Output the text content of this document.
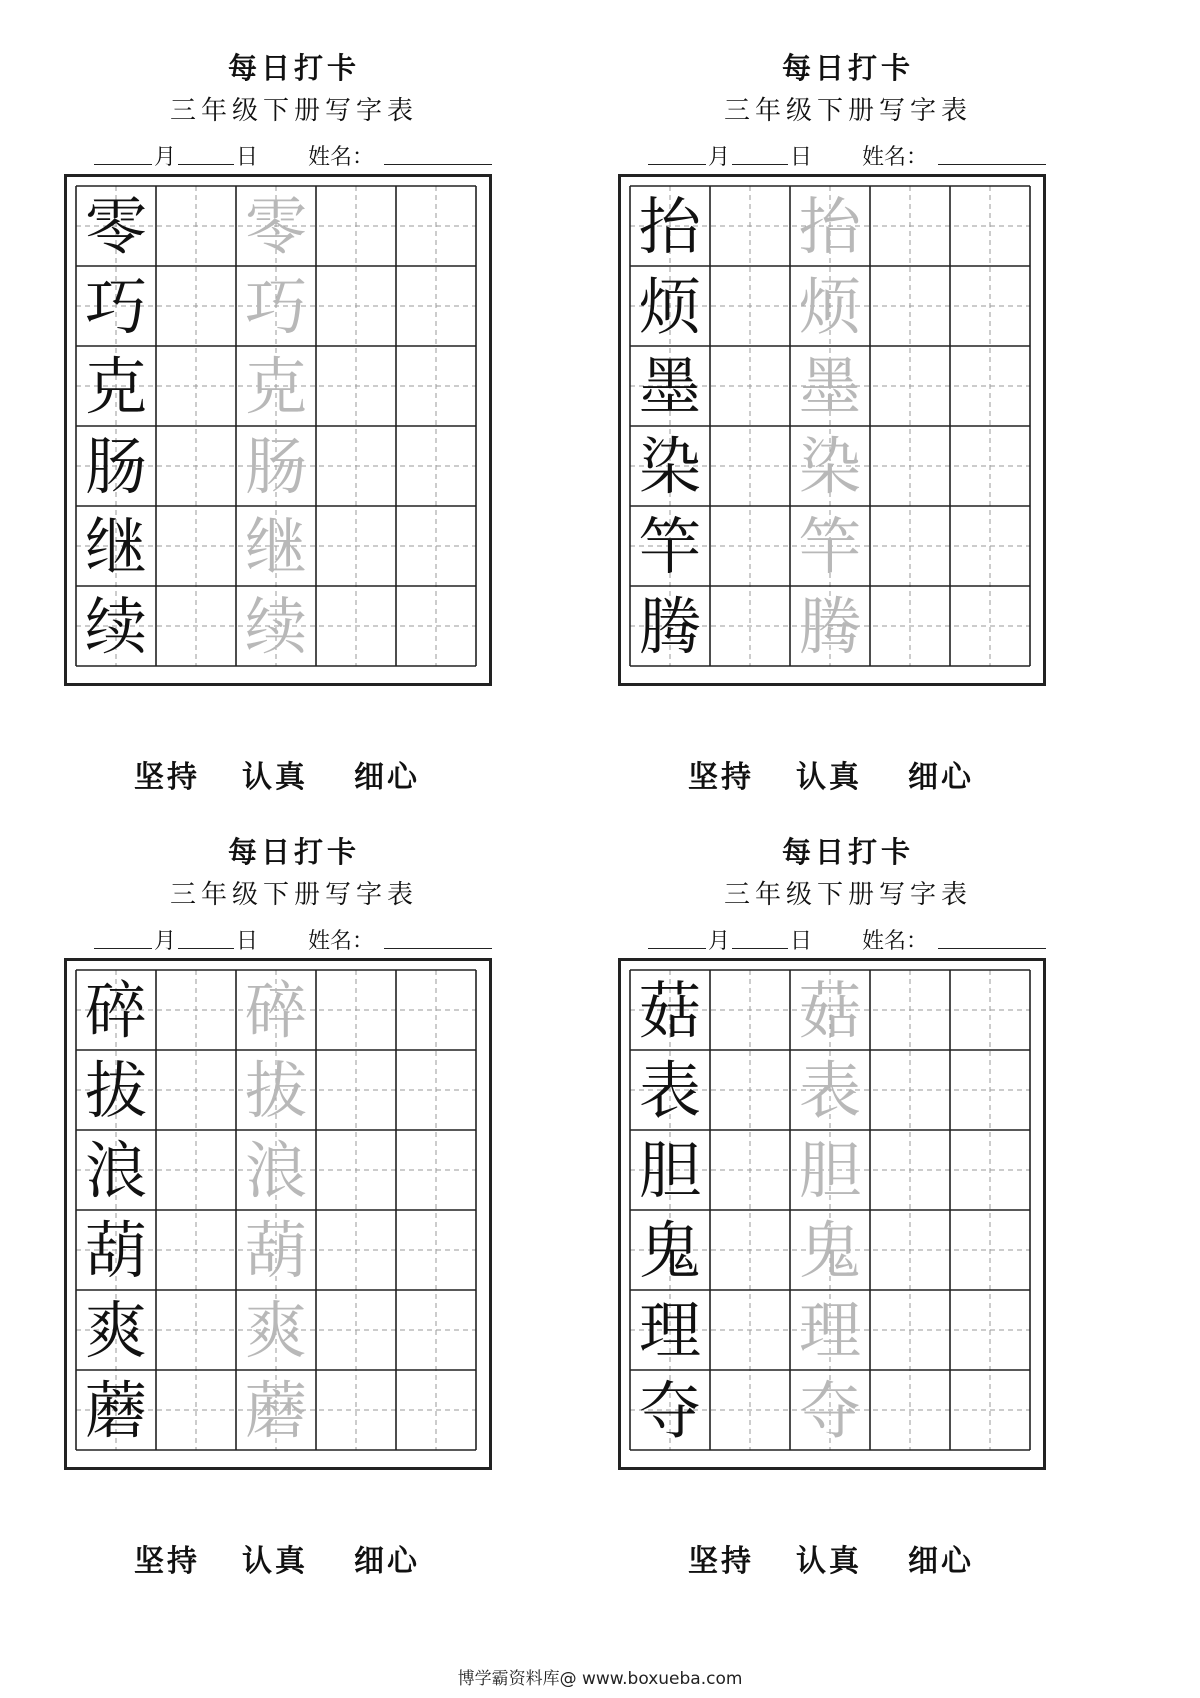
每日打卡
三年级下册写字表
月	日 姓名：
零 零
巧 巧
克 克
肠 肠
继 继
续 续
坚持 认真 细心
每日打卡
三年级下册写字表
月	日 姓名：
抬 抬
烦 烦
墨 墨
染 染
竿 竿
腾 腾
坚持 认真 细心
每日打卡
三年级下册写字表
月	日 姓名：
碎 碎
拔 拔
浪 浪
葫 葫
爽 爽
蘑 蘑
坚持 认真 细心
每日打卡
三年级下册写字表
月	日 姓名：
菇 菇
表 表
胆 胆
鬼 鬼
理 理
夺 夺
坚持 认真 细心
博学霸资料库@ www.boxueba.com
